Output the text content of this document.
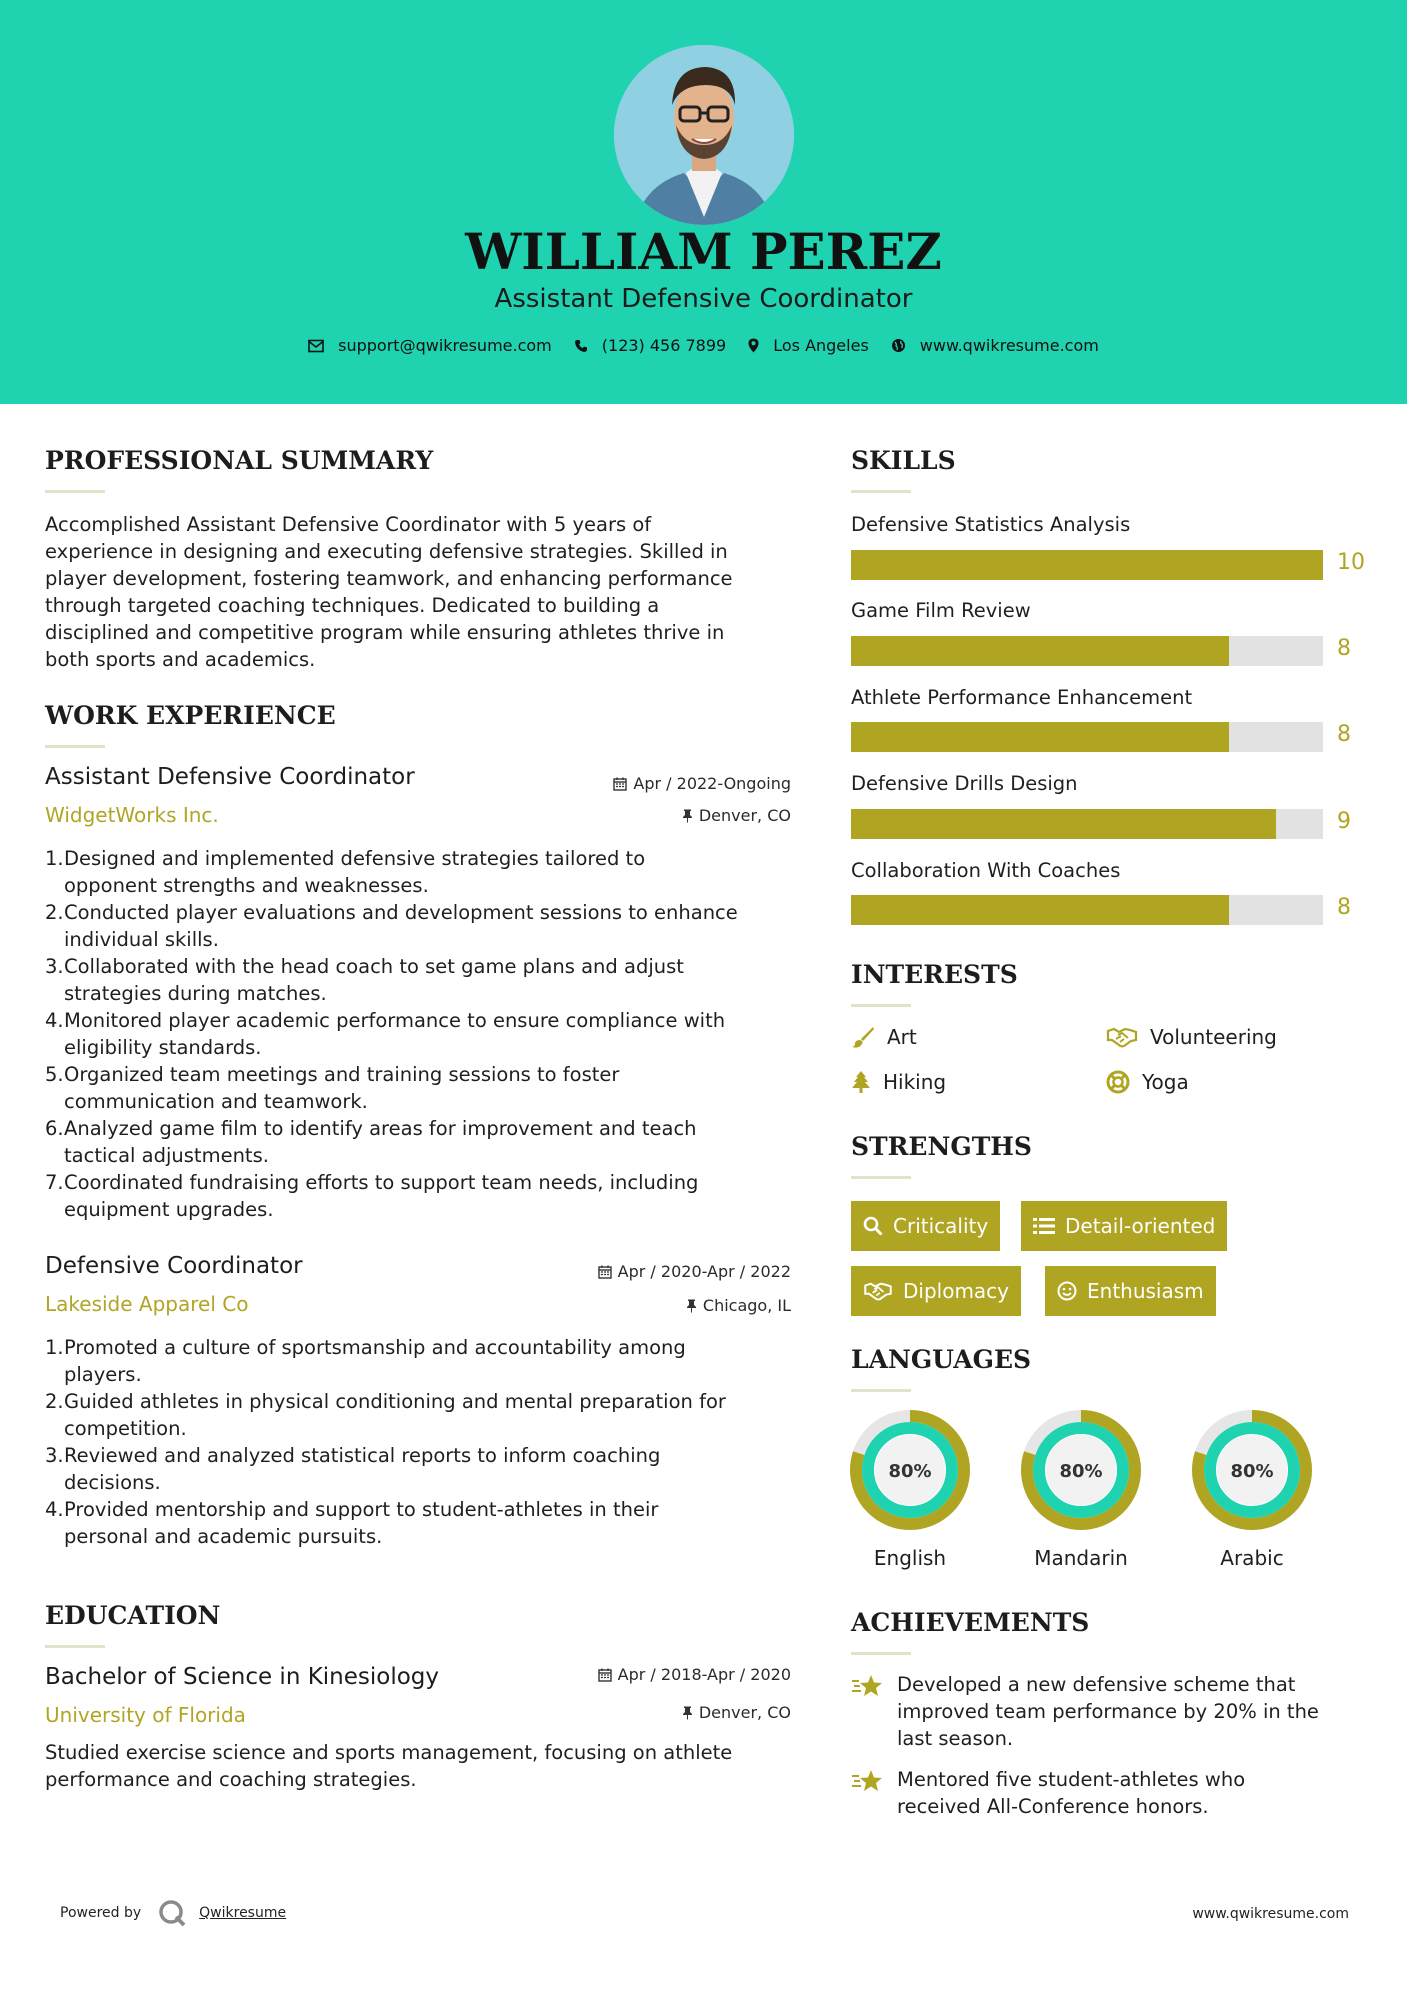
WILLIAM PEREZ
Assistant Defensive Coordinator
support@qwikresume.com	(123) 456 7899	Los Angeles	www.qwikresume.com
PROFESSIONAL SUMMARY
Accomplished Assistant Defensive Coordinator with 5 years of
experience in designing and executing defensive strategies. Skilled in
player development, fostering teamwork, and enhancing performance
through targeted coaching techniques. Dedicated to building a
disciplined and competitive program while ensuring athletes thrive in
both sports and academics.
WORK EXPERIENCE
Assistant Defensive Coordinator	Apr / 2022-Ongoing
WidgetWorks Inc.	Denver, CO
1. Designed and implemented defensive strategies tailored to
opponent strengths and weaknesses.
2. Conducted player evaluations and development sessions to enhance
individual skills.
3. Collaborated with the head coach to set game plans and adjust
strategies during matches.
4. Monitored player academic performance to ensure compliance with
eligibility standards.
5. Organized team meetings and training sessions to foster
communication and teamwork.
6. Analyzed game film to identify areas for improvement and teach
tactical adjustments.
7. Coordinated fundraising efforts to support team needs, including
equipment upgrades.
Defensive Coordinator	Apr / 2020-Apr / 2022
Lakeside Apparel Co	Chicago, IL
1. Promoted a culture of sportsmanship and accountability among
players.
2. Guided athletes in physical conditioning and mental preparation for
competition.
3. Reviewed and analyzed statistical reports to inform coaching
decisions.
4. Provided mentorship and support to student-athletes in their
personal and academic pursuits.
EDUCATION
Bachelor of Science in Kinesiology	Apr / 2018-Apr / 2020
University of Florida	Denver, CO
Studied exercise science and sports management, focusing on athlete
performance and coaching strategies.
SKILLS
Defensive Statistics Analysis
10
Game Film Review
8
Athlete Performance Enhancement
8
Defensive Drills Design
9
Collaboration With Coaches
8
INTERESTS
Art	Volunteering
Hiking	Yoga
STRENGTHS
Criticality	Detail-oriented
Diplomacy	Enthusiasm
LANGUAGES
80%
English
80%
Mandarin
80%
Arabic
ACHIEVEMENTS
Developed a new defensive scheme that
improved team performance by 20% in the
last season.
Mentored five student-athletes who
received All-Conference honors.
Powered by	Qwikresume	www.qwikresume.com
